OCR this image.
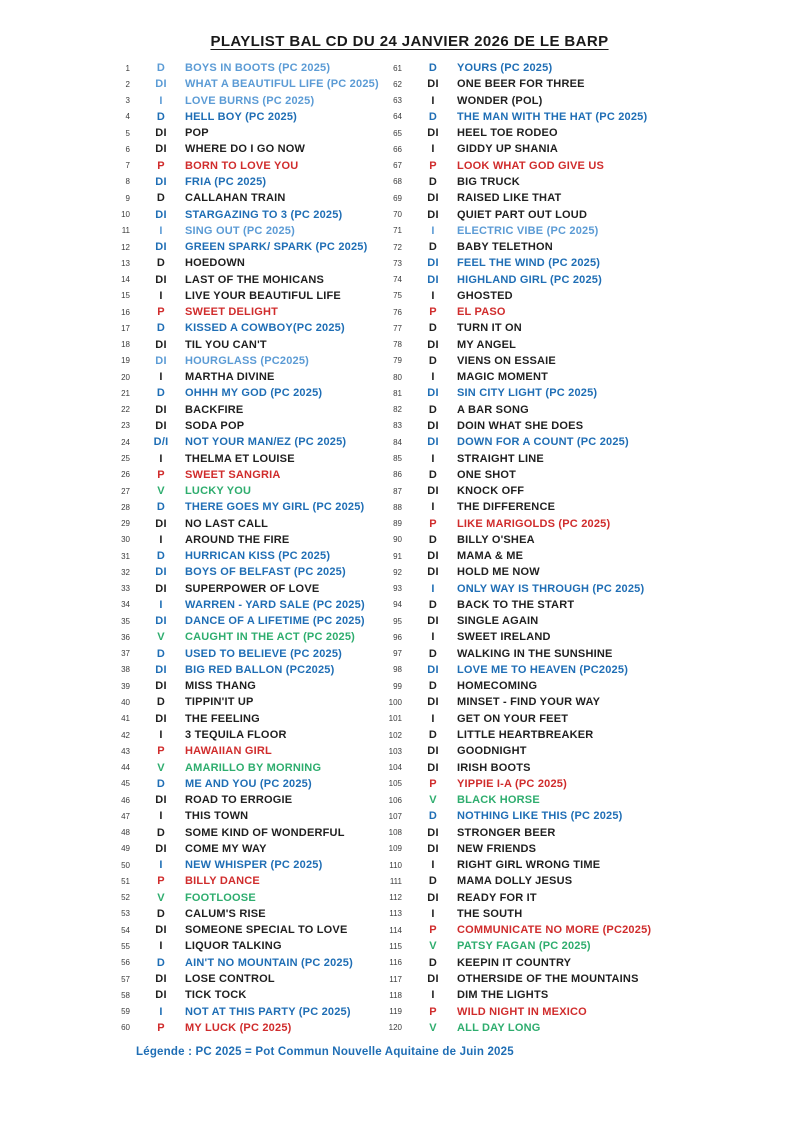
PLAYLIST BAL CD DU 24 JANVIER 2026 DE LE BARP
1	D	BOYS IN BOOTS (PC 2025)
2	DI	WHAT A BEAUTIFUL LIFE (PC 2025)
3	I	LOVE BURNS (PC 2025)
4	D	HELL BOY (PC 2025)
5	DI	POP
6	DI	WHERE DO I GO NOW
7	P	BORN TO LOVE YOU
8	DI	FRIA (PC 2025)
9	D	CALLAHAN TRAIN
10	DI	STARGAZING TO 3 (PC 2025)
11	I	SING OUT (PC 2025)
12	DI	GREEN SPARK/ SPARK (PC 2025)
13	D	HOEDOWN
14	DI	LAST OF THE MOHICANS
15	I	LIVE YOUR BEAUTIFUL LIFE
16	P	SWEET DELIGHT
17	D	KISSED A COWBOY(PC 2025)
18	DI	TIL YOU CAN'T
19	DI	HOURGLASS (PC2025)
20	I	MARTHA DIVINE
21	D	OHHH MY GOD (PC 2025)
22	DI	BACKFIRE
23	DI	SODA POP
24	D/I	NOT YOUR MAN/EZ (PC 2025)
25	I	THELMA ET LOUISE
26	P	SWEET SANGRIA
27	V	LUCKY YOU
28	D	THERE GOES MY GIRL (PC 2025)
29	DI	NO LAST CALL
30	I	AROUND THE FIRE
31	D	HURRICAN KISS (PC 2025)
32	DI	BOYS OF BELFAST (PC 2025)
33	DI	SUPERPOWER OF LOVE
34	I	WARREN - YARD SALE (PC 2025)
35	DI	DANCE OF A LIFETIME (PC 2025)
36	V	CAUGHT IN THE ACT (PC 2025)
37	D	USED TO BELIEVE (PC 2025)
38	DI	BIG RED BALLON (PC2025)
39	DI	MISS THANG
40	D	TIPPIN'IT UP
41	DI	THE FEELING
42	I	3 TEQUILA FLOOR
43	P	HAWAIIAN GIRL
44	V	AMARILLO BY MORNING
45	D	ME AND YOU (PC 2025)
46	DI	ROAD TO ERROGIE
47	I	THIS TOWN
48	D	SOME KIND OF WONDERFUL
49	DI	COME MY WAY
50	I	NEW WHISPER (PC 2025)
51	P	BILLY DANCE
52	V	FOOTLOOSE
53	D	CALUM'S RISE
54	DI	SOMEONE SPECIAL TO LOVE
55	I	LIQUOR TALKING
56	D	AIN'T NO MOUNTAIN (PC 2025)
57	DI	LOSE CONTROL
58	DI	TICK TOCK
59	I	NOT AT THIS PARTY (PC 2025)
60	P	MY LUCK (PC 2025)
61	D	YOURS (PC 2025)
62	DI	ONE BEER FOR THREE
63	I	WONDER (POL)
64	D	THE MAN WITH THE HAT (PC 2025)
65	DI	HEEL TOE RODEO
66	I	GIDDY UP SHANIA
67	P	LOOK WHAT GOD GIVE US
68	D	BIG TRUCK
69	DI	RAISED LIKE THAT
70	DI	QUIET PART OUT LOUD
71	I	ELECTRIC VIBE (PC 2025)
72	D	BABY TELETHON
73	DI	FEEL THE WIND (PC 2025)
74	DI	HIGHLAND GIRL (PC 2025)
75	I	GHOSTED
76	P	EL PASO
77	D	TURN IT ON
78	DI	MY ANGEL
79	D	VIENS ON ESSAIE
80	I	MAGIC MOMENT
81	DI	SIN CITY LIGHT (PC 2025)
82	D	A BAR SONG
83	DI	DOIN WHAT SHE DOES
84	DI	DOWN FOR A COUNT (PC 2025)
85	I	STRAIGHT LINE
86	D	ONE SHOT
87	DI	KNOCK OFF
88	I	THE DIFFERENCE
89	P	LIKE MARIGOLDS (PC 2025)
90	D	BILLY O'SHEA
91	DI	MAMA & ME
92	DI	HOLD ME NOW
93	I	ONLY WAY IS THROUGH (PC 2025)
94	D	BACK TO THE START
95	DI	SINGLE AGAIN
96	I	SWEET IRELAND
97	D	WALKING IN THE SUNSHINE
98	DI	LOVE ME TO HEAVEN (PC2025)
99	D	HOMECOMING
100	DI	MINSET - FIND YOUR WAY
101	I	GET ON YOUR FEET
102	D	LITTLE HEARTBREAKER
103	DI	GOODNIGHT
104	DI	IRISH BOOTS
105	P	YIPPIE I-A (PC 2025)
106	V	BLACK HORSE
107	D	NOTHING LIKE THIS (PC 2025)
108	DI	STRONGER BEER
109	DI	NEW FRIENDS
110	I	RIGHT GIRL WRONG TIME
111	D	MAMA DOLLY JESUS
112	DI	READY FOR IT
113	I	THE SOUTH
114	P	COMMUNICATE NO MORE (PC2025)
115	V	PATSY FAGAN (PC 2025)
116	D	KEEPIN IT COUNTRY
117	DI	OTHERSIDE OF THE MOUNTAINS
118	I	DIM THE LIGHTS
119	P	WILD NIGHT IN MEXICO
120	V	ALL DAY LONG
Légende : PC 2025 = Pot Commun Nouvelle Aquitaine de Juin 2025
